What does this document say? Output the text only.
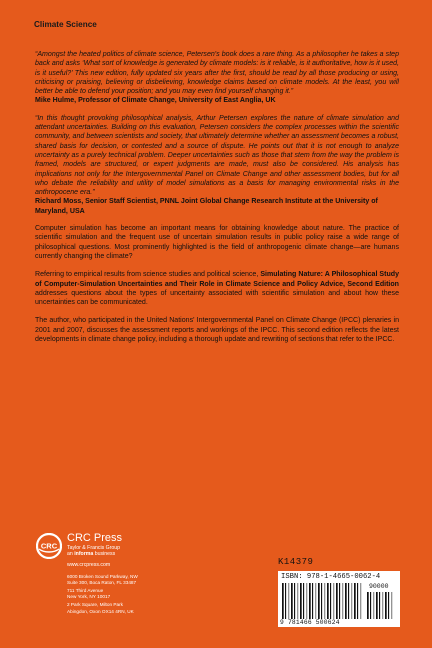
Climate Science

“Amongst the heated politics of climate science, Petersen's book does a rare thing. As a philosopher he takes a step back and asks ‘What sort of knowledge is generated by climate models: is it reliable, is it authoritative, how is it used, is it useful?’ This new edition, fully updated six years after the first, should be read by all those producing or using, criticising or praising, believing or disbelieving, knowledge claims based on climate models. At the least, you will better be able to defend your position; and you may even find yourself changing it.”

Mike Hulme, Professor of Climate Change, University of East Anglia, UK

“In this thought provoking philosophical analysis, Arthur Petersen explores the nature of climate simulation and attendant uncertainties. Building on this evaluation, Petersen considers the complex processes within the scientific community, and between scientists and society, that ultimately determine whether an assessment becomes a robust, shared basis for decision, or contested and a source of dispute. He points out that it is not enough to analyze uncertainty as a purely technical problem. Deeper uncertainties such as those that stem from the way the problem is framed, models are structured, or expert judgments are made, must also be considered. His analysis has implications not only for the Intergovernmental Panel on Climate Change and other assessment bodies, but for all who debate the reliability and utility of model simulations as a basis for managing environmental risks in the anthropocene era.”

Richard Moss, Senior Staff Scientist, PNNL Joint Global Change Research Institute at the University of Maryland, USA

Computer simulation has become an important means for obtaining knowledge about nature. The practice of scientific simulation and the frequent use of uncertain simulation results in public policy raise a wide range of philosophical questions. Most prominently highlighted is the field of anthropogenic climate change—are humans currently changing the climate?

Referring to empirical results from science studies and political science, Simulating Nature: A Philosophical Study of Computer-Simulation Uncertainties and Their Role in Climate Science and Policy Advice, Second Edition addresses questions about the types of uncertainty associated with scientific simulation and about how these uncertainties can be communicated.

The author, who participated in the United Nations' Intergovernmental Panel on Climate Change (IPCC) plenaries in 2001 and 2007, discusses the assessment reports and workings of the IPCC. This second edition reflects the latest developments in climate change policy, including a thorough update and rewriting of sections that refer to the IPCC.

CRC
CRC Press
Taylor & Francis Group
an informa business
www.crcpress.com
6000 Broken Sound Parkway, NW
Suite 300, Boca Raton, FL 33487
711 Third Avenue
New York, NY 10017
2 Park Square, Milton Park
Abingdon, Oxon OX14 4RN, UK
K14379
ISBN: 978-1-4665-0062-4
90000
9 781466 500624
